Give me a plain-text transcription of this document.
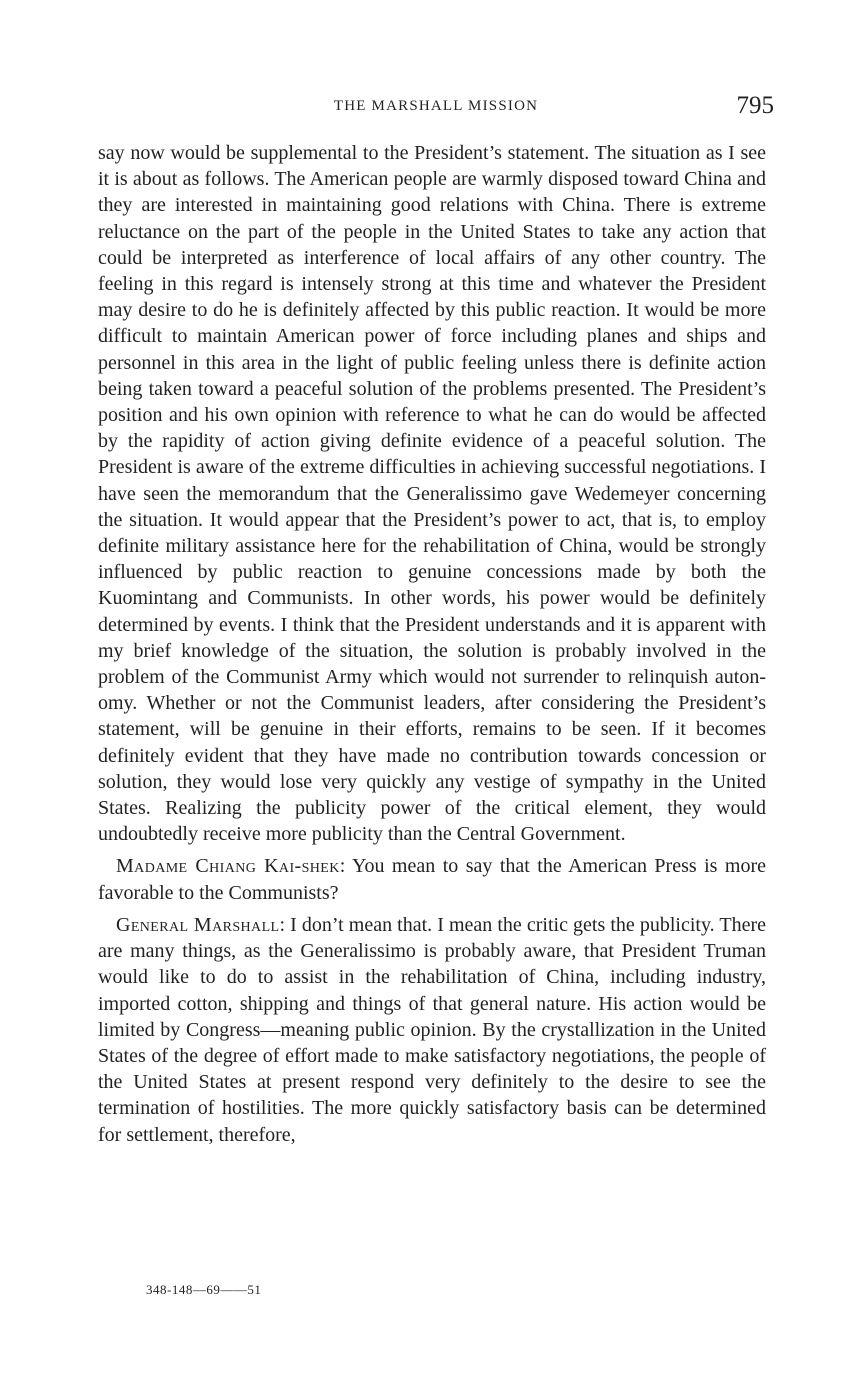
THE MARSHALL MISSION	795

say now would be supplemental to the President’s statement. The situation as I see it is about as follows. The American people are warmly disposed toward China and they are interested in maintaining good relations with China. There is extreme reluctance on the part of the people in the United States to take any action that could be interpreted as interference of local affairs of any other country. The feeling in this regard is intensely strong at this time and whatever the President may desire to do he is definitely affected by this public reaction. It would be more difficult to maintain American power of force including planes and ships and personnel in this area in the light of public feeling unless there is definite action being taken toward a peaceful solution of the problems presented. The President’s position and his own opinion with reference to what he can do would be affected by the rapidity of action giving definite evidence of a peaceful solution. The President is aware of the extreme difficulties in achieving successful negotiations. I have seen the memorandum that the Generalissimo gave Wedemeyer concerning the situation. It would appear that the President’s power to act, that is, to employ definite military assistance here for the rehabilitation of China, would be strongly influenced by public reaction to genuine concessions made by both the Kuomintang and Communists. In other words, his power would be definitely determined by events. I think that the President understands and it is apparent with my brief knowledge of the situation, the solution is probably involved in the problem of the Communist Army which would not surrender to relinquish autonomy. Whether or not the Communist leaders, after considering the President’s statement, will be genuine in their efforts, remains to be seen. If it becomes definitely evident that they have made no contribution towards concession or solution, they would lose very quickly any vestige of sympathy in the United States. Realizing the publicity power of the critical element, they would undoubtedly receive more publicity than the Central Government.

Madame Chiang Kai-shek: You mean to say that the American Press is more favorable to the Communists?

General Marshall: I don’t mean that. I mean the critic gets the publicity. There are many things, as the Generalissimo is probably aware, that President Truman would like to do to assist in the rehabilitation of China, including industry, imported cotton, shipping and things of that general nature. His action would be limited by Congress—meaning public opinion. By the crystallization in the United States of the degree of effort made to make satisfactory negotiations, the people of the United States at present respond very definitely to the desire to see the termination of hostilities. The more quickly satisfactory basis can be determined for settlement, therefore,

348-148—69——51
